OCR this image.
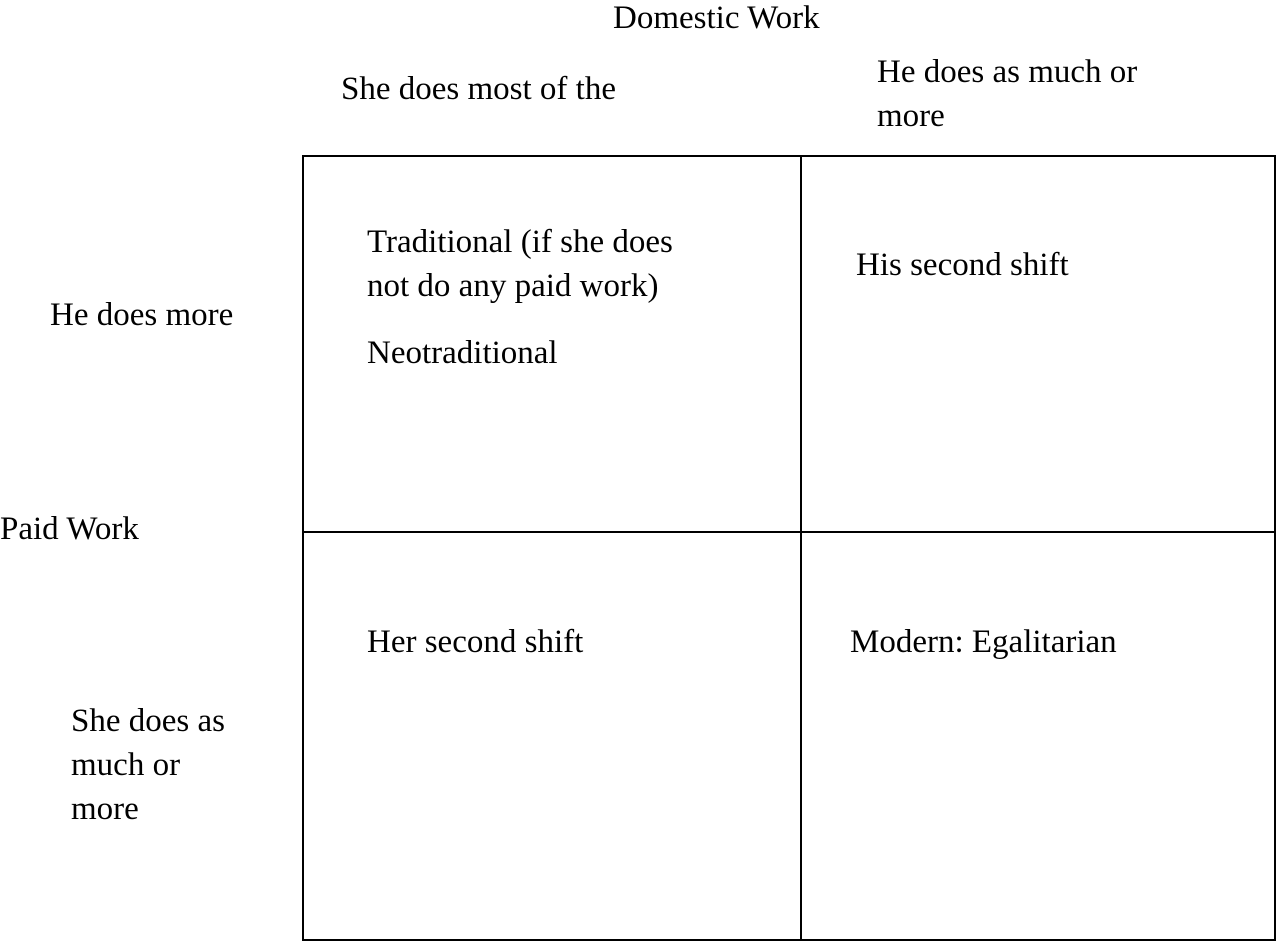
Domestic Work
She does most of the	He does as much or
more
He does more
Paid Work
She does as
much or
more
Traditional (if she does
not do any paid work)
Neotraditional
His second shift
Her second shift	Modern: Egalitarian
